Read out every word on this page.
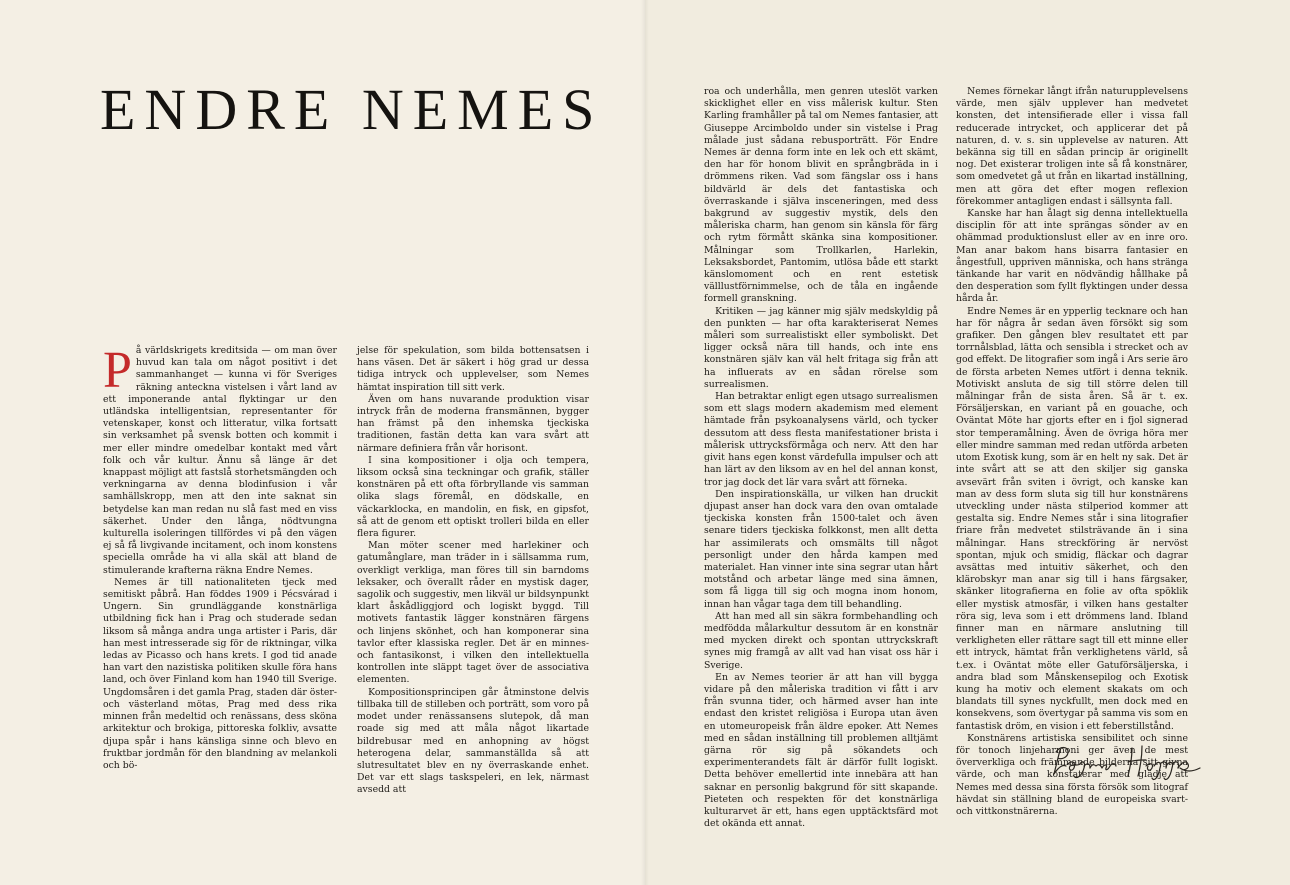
ENDRE NEMES

På världskrigets kreditsida — om man över huvud kan tala om något positivt i det sammanhanget — kunna vi för Sveriges räkning anteckna vistelsen i vårt land av ett imponerande antal flyktingar ur den utländska intelligentsian, representanter för vetenskaper, konst och litteratur, vilka fortsatt sin verksamhet på svensk botten och kommit i mer eller mindre omedelbar kontakt med vårt folk och vår kultur. Ännu så länge är det knappast möjligt att fastslå storhetsmängden och verkningarna av denna blodinfusion i vår samhällskropp, men att den inte saknat sin betydelse kan man redan nu slå fast med en viss säkerhet. Under den långa, nödtvungna kulturella isoleringen tillfördes vi på den vägen ej så få livgivande incitament, och inom konstens speciella område ha vi alla skäl att bland de stimulerande krafterna räkna Endre Nemes.

Nemes är till nationaliteten tjeck med semitiskt påbrå. Han föddes 1909 i Pécsvárad i Ungern. Sin grundläggande konstnärliga utbildning fick han i Prag och studerade sedan liksom så många andra unga artister i Paris, där han mest intresserade sig för de riktningar, vilka ledas av Picasso och hans krets. I god tid anade han vart den nazistiska politiken skulle föra hans land, och över Finland kom han 1940 till Sverige. Ungdomsåren i det gamla Prag, staden där öster- och västerland mötas, Prag med dess rika minnen från medeltid och renässans, dess sköna arkitektur och brokiga, pittoreska folkliv, avsatte djupa spår i hans känsliga sinne och blevo en fruktbar jordmån för den blandning av melankoli och bö-

jelse för spekulation, som bilda bottensatsen i hans väsen. Det är säkert i hög grad ur dessa tidiga intryck och upplevelser, som Nemes hämtat inspiration till sitt verk.

Även om hans nuvarande produktion visar intryck från de moderna fransmännen, bygger han främst på den inhemska tjeckiska traditionen, fastän detta kan vara svårt att närmare definiera från vår horisont.

I sina kompositioner i olja och tempera, liksom också sina teckningar och grafik, ställer konstnären på ett ofta förbryllande vis samman olika slags föremål, en dödskalle, en väckarklocka, en mandolin, en fisk, en gipsfot, så att de genom ett optiskt trolleri bilda en eller flera figurer.

Man möter scener med harlekiner och gatumånglare, man träder in i sällsamma rum, overkligt verkliga, man föres till sin barndoms leksaker, och överallt råder en mystisk dager, sagolik och suggestiv, men likväl ur bildsynpunkt klart åskådliggjord och logiskt byggd. Till motivets fantastik lägger konstnären färgens och linjens skönhet, och han komponerar sina tavlor efter klassiska regler. Det är en minnes- och fantasikonst, i vilken den intellektuella kontrollen inte släppt taget över de associativa elementen.

Kompositionsprincipen går åtminstone delvis tillbaka till de stilleben och porträtt, som voro på modet under renässansens slutepok, då man roade sig med att måla något likartade bildrebusar med en anhopning av högst heterogena delar, sammanställda så att slutresultatet blev en ny överraskande enhet. Det var ett slags taskspeleri, en lek, närmast avsedd att

roa och underhålla, men genren uteslöt varken skicklighet eller en viss målerisk kultur. Sten Karling framhåller på tal om Nemes fantasier, att Giuseppe Arcimboldo under sin vistelse i Prag målade just sådana rebusporträtt. För Endre Nemes är denna form inte en lek och ett skämt, den har för honom blivit en språngbräda in i drömmens riken. Vad som fängslar oss i hans bildvärld är dels det fantastiska och överraskande i själva insceneringen, med dess bakgrund av suggestiv mystik, dels den måleriska charm, han genom sin känsla för färg och rytm förmått skänka sina kompositioner. Målningar som Trollkarlen, Harlekin, Leksaksbordet, Pantomim, utlösa både ett starkt känslomoment och en rent estetisk välllustförnimmelse, och de tåla en ingående formell granskning.

Kritiken — jag känner mig själv medskyldig på den punkten — har ofta karakteriserat Nemes måleri som surrealistiskt eller symboliskt. Det ligger också nära till hands, och inte ens konstnären själv kan väl helt fritaga sig från att ha influerats av en sådan rörelse som surrealismen.

Han betraktar enligt egen utsago surrealismen som ett slags modern akademism med element hämtade från psykoanalysens värld, och tycker dessutom att dess flesta manifestationer brista i målerisk uttrycksförmåga och nerv. Att den har givit hans egen konst värdefulla impulser och att han lärt av den liksom av en hel del annan konst, tror jag dock det lär vara svårt att förneka.

Den inspirationskälla, ur vilken han druckit djupast anser han dock vara den ovan omtalade tjeckiska konsten från 1500-talet och även senare tiders tjeckiska folkkonst, men allt detta har assimilerats och omsmälts till något personligt under den hårda kampen med materialet. Han vinner inte sina segrar utan hårt motstånd och arbetar länge med sina ämnen, som få ligga till sig och mogna inom honom, innan han vågar taga dem till behandling.

Att han med all sin säkra formbehandling och medfödda målarkultur dessutom är en konstnär med mycken direkt och spontan uttryckskraft synes mig framgå av allt vad han visat oss här i Sverige.

En av Nemes teorier är att han vill bygga vidare på den måleriska tradition vi fått i arv från svunna tider, och härmed avser han inte endast den kristet religiösa i Europa utan även en utomeuropeisk från äldre epoker. Att Nemes med en sådan inställning till problemen alltjämt gärna rör sig på sökandets och experimenterandets fält är därför fullt logiskt. Detta behöver emellertid inte innebära att han saknar en personlig bakgrund för sitt skapande. Pieteten och respekten för det konstnärliga kulturarvet är ett, hans egen upptäcktsfärd mot det okända ett annat.

Nemes förnekar långt ifrån naturupplevelsens värde, men själv upplever han medvetet konsten, det intensifierade eller i vissa fall reducerade intrycket, och applicerar det på naturen, d. v. s. sin upplevelse av naturen. Att bekänna sig till en sådan princip är originellt nog. Det existerar troligen inte så få konstnärer, som omedvetet gå ut från en likartad inställning, men att göra det efter mogen reflexion förekommer antagligen endast i sällsynta fall.

Kanske har han ålagt sig denna intellektuella disciplin för att inte sprängas sönder av en ohämmad produktionslust eller av en inre oro. Man anar bakom hans bisarra fantasier en ångestfull, uppriven människa, och hans stränga tänkande har varit en nödvändig hållhake på den desperation som fyllt flyktingen under dessa hårda år.

Endre Nemes är en ypperlig tecknare och han har för några år sedan även försökt sig som grafiker. Den gången blev resultatet ett par torrnålsblad, lätta och sensibla i strecket och av god effekt. De litografier som ingå i Ars serie äro de första arbeten Nemes utfört i denna teknik. Motiviskt ansluta de sig till större delen till målningar från de sista åren. Så är t. ex. Försäljerskan, en variant på en gouache, och Oväntat Möte har gjorts efter en i fjol signerad stor temperamålning. Även de övriga höra mer eller mindre samman med redan utförda arbeten utom Exotisk kung, som är en helt ny sak. Det är inte svårt att se att den skiljer sig ganska avsevärt från sviten i övrigt, och kanske kan man av dess form sluta sig till hur konstnärens utveckling under nästa stilperiod kommer att gestalta sig. Endre Nemes står i sina litografier friare från medvetet stilsträvande än i sina målningar. Hans streckföring är nervöst spontan, mjuk och smidig, fläckar och dagrar avsättas med intuitiv säkerhet, och den klärobskyr man anar sig till i hans färgsaker, skänker litografierna en folie av ofta spöklik eller mystisk atmosfär, i vilken hans gestalter röra sig, leva som i ett drömmens land. Ibland finner man en närmare anslutning till verkligheten eller rättare sagt till ett minne eller ett intryck, hämtat från verklighetens värld, så t.ex. i Oväntat möte eller Gatuförsäljerska, i andra blad som Månskensepilog och Exotisk kung ha motiv och element skakats om och blandats till synes nyckfullt, men dock med en konsekvens, som övertygar på samma vis som en fantastisk dröm, en vision i ett feberstillstånd.

Konstnärens artistiska sensibilitet och sinne för tonoch linjeharmoni ger även de mest öververkliga och främmande bilderna sitt givna värde, och man konstaterar med glädje att Nemes med dessa sina första försök som litograf hävdat sin ställning bland de europeiska svart- och vittkonstnärerna.
